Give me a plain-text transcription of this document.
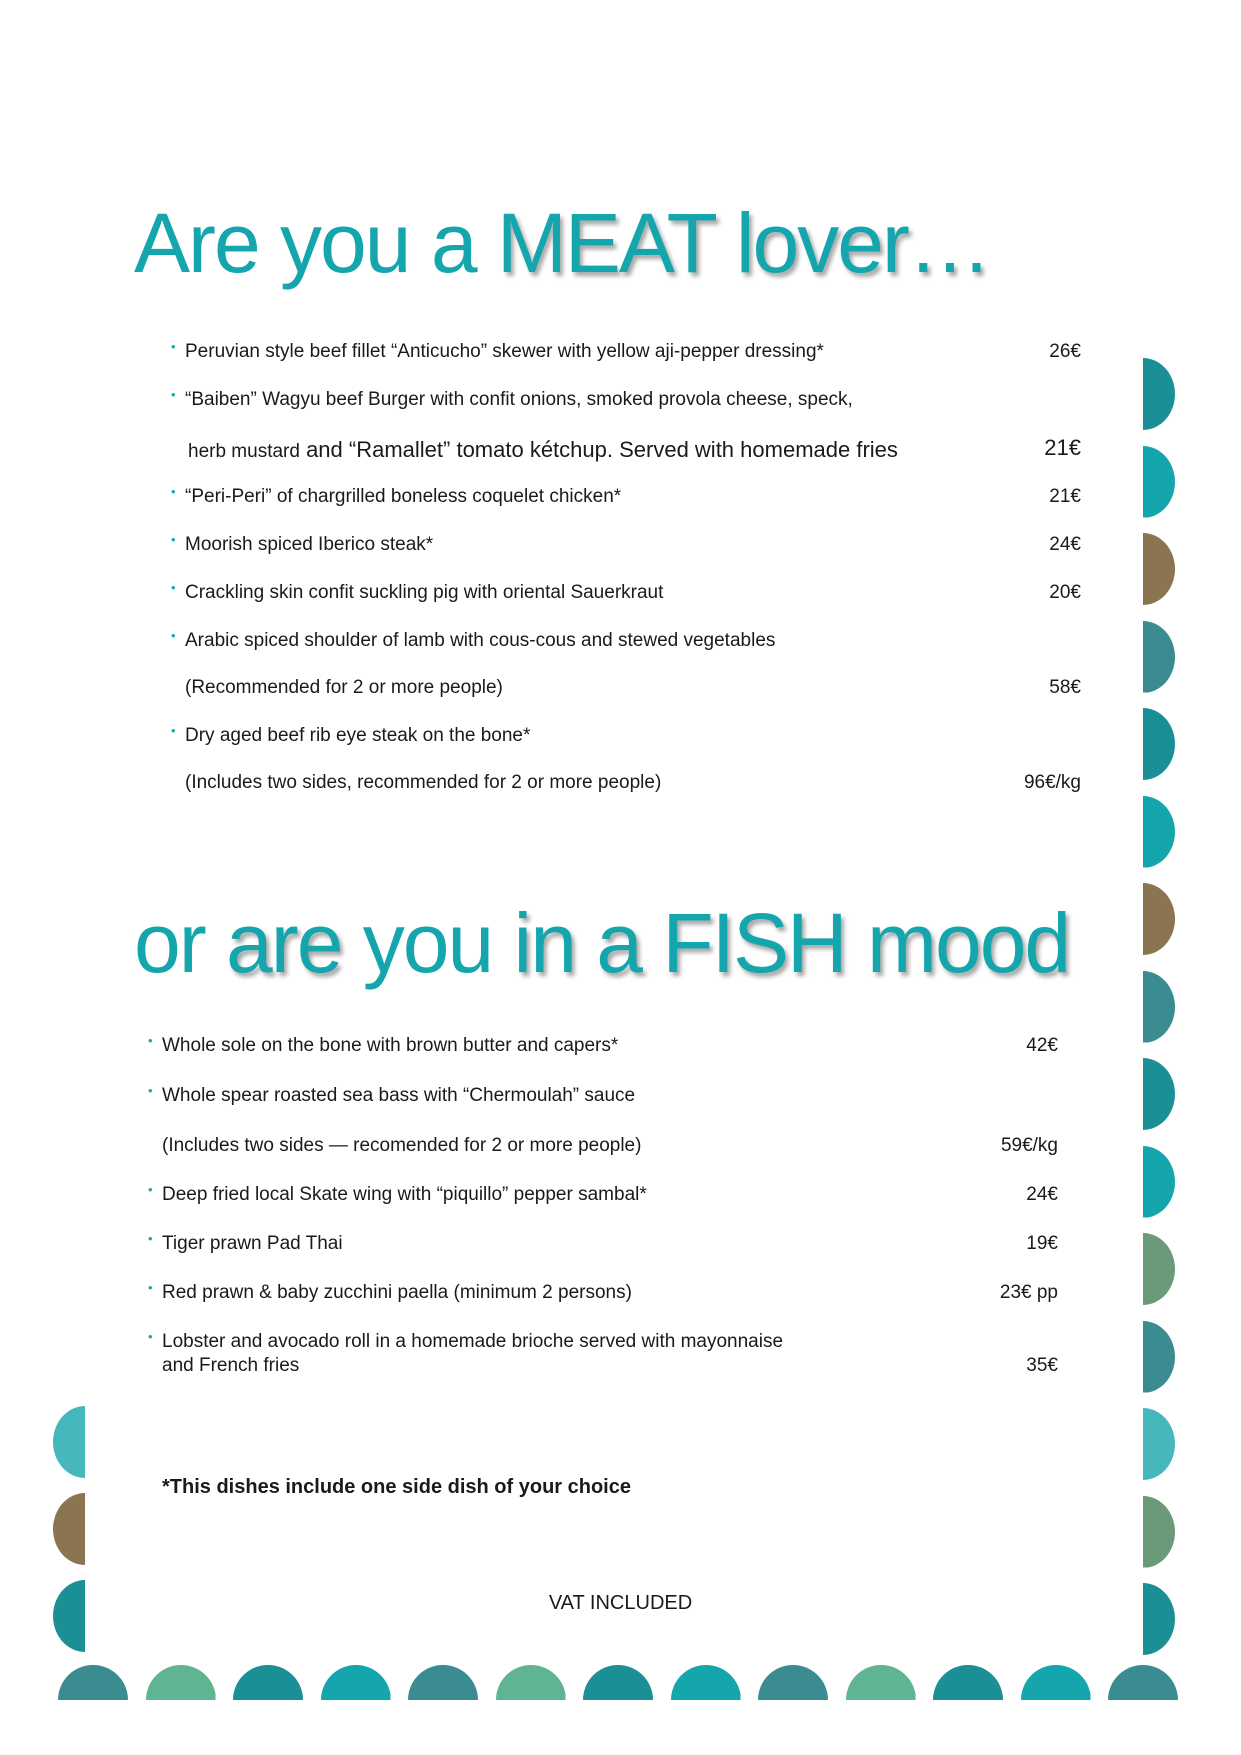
Are you a MEAT lover…
• Peruvian style beef fillet “Anticucho” skewer with yellow aji-pepper dressing*	26€
• “Baiben” Wagyu beef Burger with confit onions, smoked provola cheese, speck,
herb mustard and “Ramallet” tomato kétchup. Served with homemade fries	21€
• “Peri-Peri” of chargrilled boneless coquelet chicken*	21€
• Moorish spiced Iberico steak*	24€
• Crackling skin confit suckling pig with oriental Sauerkraut	20€
• Arabic spiced shoulder of lamb with cous-cous and stewed vegetables
(Recommended for 2 or more people)	58€
• Dry aged beef rib eye steak on the bone*
(Includes two sides, recommended for 2 or more people)	96€/kg
or are you in a FISH mood
• Whole sole on the bone with brown butter and capers*	42€
• Whole spear roasted sea bass with “Chermoulah” sauce
(Includes two sides — recomended for 2 or more people)	59€/kg
• Deep fried local Skate wing with “piquillo” pepper sambal*	24€
• Tiger prawn Pad Thai	19€
• Red prawn & baby zucchini paella (minimum 2 persons)	23€ pp
• Lobster and avocado roll in a homemade brioche served with mayonnaise
and French fries	35€
*This dishes include one side dish of your choice
VAT INCLUDED
